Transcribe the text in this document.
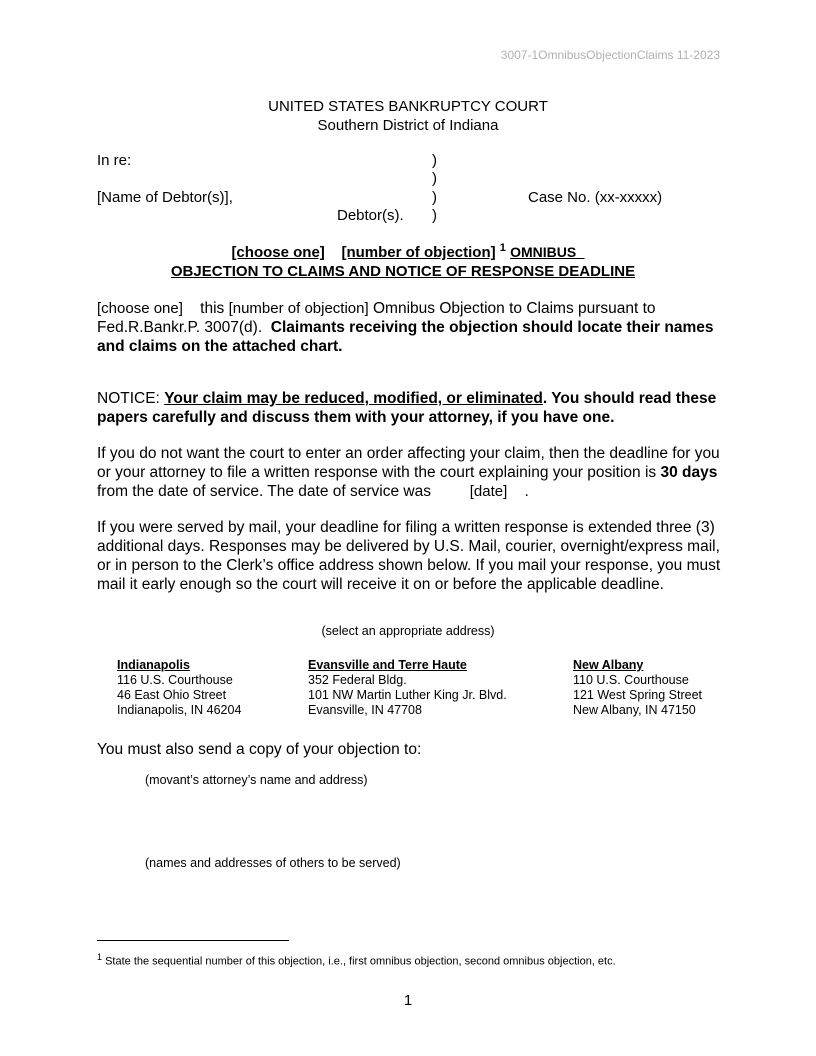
3007-1OmnibusObjectionClaims 11-2023
UNITED STATES BANKRUPTCY COURT
Southern District of Indiana
In re:
[Name of Debtor(s)],
Debtor(s).
)
)
)
)
Case No. (xx-xxxxx)
[choose one] [number of objection] $^1$ OMNIBUS
OBJECTION TO CLAIMS AND NOTICE OF RESPONSE DEADLINE
[choose one] this [number of objection] Omnibus Objection to Claims pursuant to Fed.R.Bankr.P. 3007(d). Claimants receiving the objection should locate their names and claims on the attached chart.
NOTICE: Your claim may be reduced, modified, or eliminated. You should read these papers carefully and discuss them with your attorney, if you have one.
If you do not want the court to enter an order affecting your claim, then the deadline for you or your attorney to file a written response with the court explaining your position is 30 days from the date of service. The date of service was	[date] .
If you were served by mail, your deadline for filing a written response is extended three (3) additional days. Responses may be delivered by U.S. Mail, courier, overnight/express mail, or in person to the Clerk’s office address shown below. If you mail your response, you must mail it early enough so the court will receive it on or before the applicable deadline.
(select an appropriate address)
Indianapolis
116 U.S. Courthouse
46 East Ohio Street
Indianapolis, IN 46204
Evansville and Terre Haute
352 Federal Bldg.
101 NW Martin Luther King Jr. Blvd.
Evansville, IN 47708
New Albany
110 U.S. Courthouse
121 West Spring Street
New Albany, IN 47150
You must also send a copy of your objection to:
(movant’s attorney’s name and address)
(names and addresses of others to be served)
$^1$ State the sequential number of this objection, i.e., first omnibus objection, second omnibus objection, etc.
1
